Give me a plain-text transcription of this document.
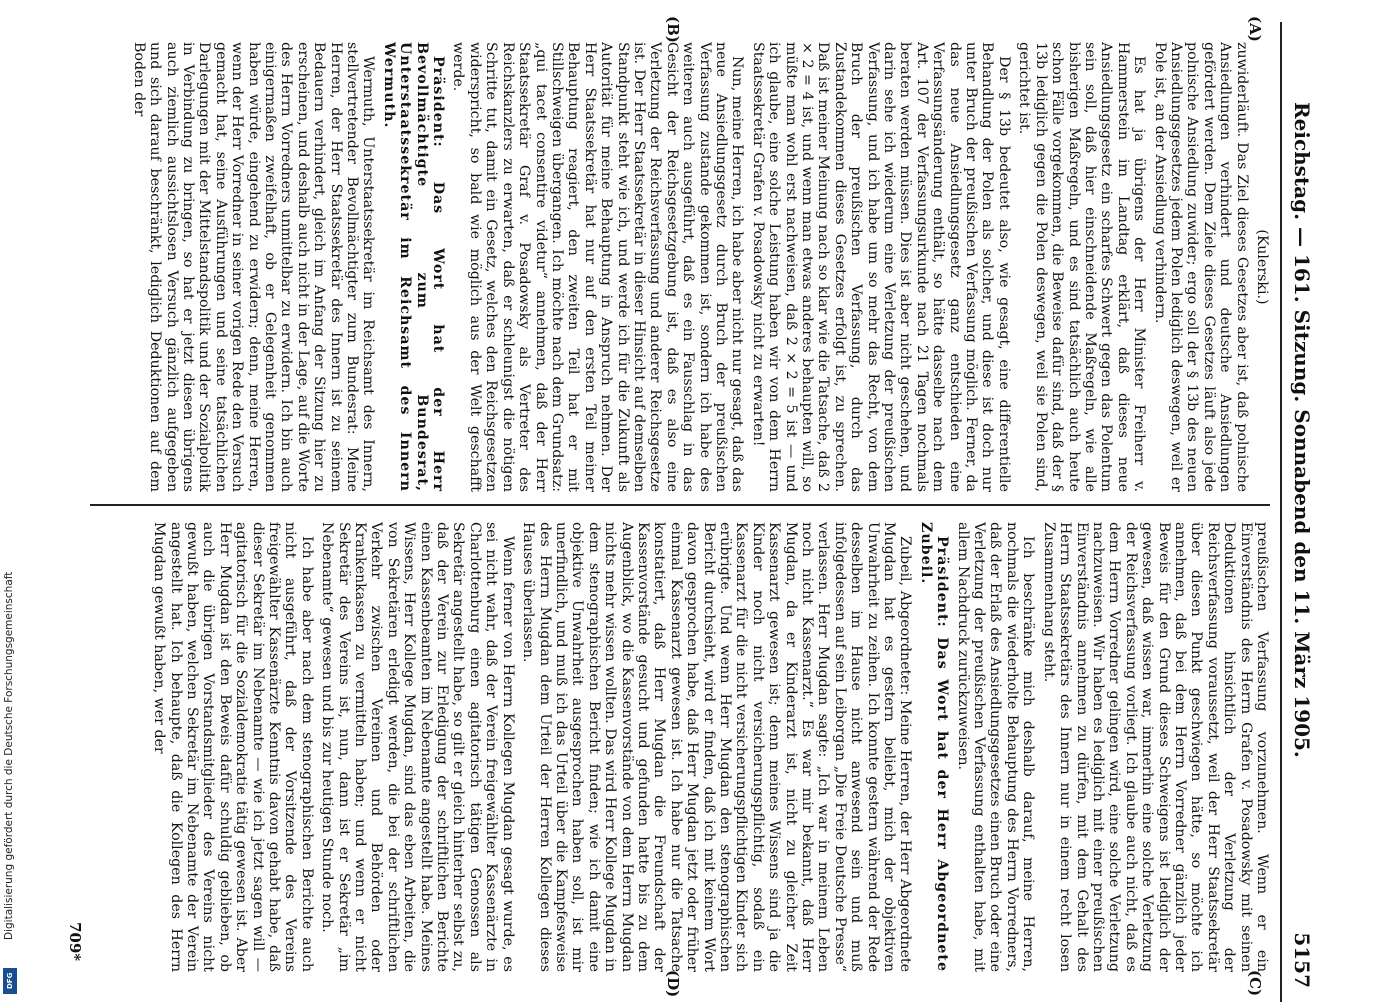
Reichstag. — 161. Sitzung. Sonnabend den 11. März 1905.
5157
(A)
(B)
(C)
(D)

(Kulerski.)

zuwiderläuft. Das Ziel dieses Gesetzes aber ist, daß polnische Ansiedlungen verhindert und deutsche Ansiedlungen gefördert werden. Dem Ziele dieses Gesetzes läuft also jede polnische Ansiedlung zuwider; ergo soll der § 13b des neuen Ansiedlungsgesetzes jedem Polen lediglich deswegen, weil er Pole ist, an der Ansiedlung verhindern.

Es hat ja übrigens der Herr Minister Freiherr v. Hammerstein im Landtag erklärt, daß dieses neue Ansiedlungsgesetz ein scharfes Schwert gegen das Polentum sein soll, daß hier einschneidende Maßregeln, wie alle bisherigen Maßregeln, und es sind tatsächlich auch heute schon Fälle vorgekommen, die Beweise dafür sind, daß der § 13b lediglich gegen die Polen deswegen, weil sie Polen sind, gerichtet ist.

Der § 13b bedeutet also, wie gesagt, eine differentielle Behandlung der Polen als solcher, und diese ist doch nur unter Bruch der preußischen Verfassung möglich. Ferner, da das neue Ansiedlungsgesetz ganz entschieden eine Verfassungsänderung enthält, so hätte dasselbe nach dem Art. 107 der Verfassungsurkunde nach 21 Tagen nochmals beraten werden müssen. Dies ist aber nicht geschehen, und darin sehe ich wiederum eine Verletzung der preußischen Verfassung, und ich habe um so mehr das Recht, von dem Bruch der preußischen Verfassung, durch das Zustandekommen dieses Gesetzes erfolgt ist, zu sprechen. Daß ist meiner Meinung nach so klar wie die Tatsache, daß 2 × 2 = 4 ist, und wenn man etwas anderes behaupten will, so müßte man wohl erst nachweisen, daß 2 × 2 = 5 ist — und ich glaube, eine solche Leistung haben wir von dem Herrn Staatssekretär Grafen v. Posadowsky nicht zu erwarten!

Nun, meine Herren, ich habe aber nicht nur gesagt, daß das neue Ansiedlungsgesetz durch Bruch der preußischen Verfassung zustande gekommen ist, sondern ich habe des weiteren auch ausgeführt, daß es ein Fausschlag in das Gesicht der Reichsgesetzgebung ist, daß es also eine Verletzung der Reichsverfassung und anderer Reichsgesetze ist. Der Herr Staatssekretär in dieser Hinsicht auf demselben Standpunkt steht wie ich, und werde ich für die Zukunft als Autorität für meine Behauptung in Anspruch nehmen. Der Herr Staatssekretär hat nur auf den ersten Teil meiner Behauptung reagiert, den zweiten Teil hat er mit Stillschweigen übergangen. Ich möchte nach dem Grundsatz: „qui tacet consentire videtur“ annehmen, daß der Herr Staatssekretär Graf v. Posadowsky als Vertreter des Reichskanzlers zu erwarten, daß er schleunigst die nötigen Schritte tut, damit ein Gesetz, welches den Reichsgesetzen widerspricht, so bald wie möglich aus der Welt geschafft werde.

Präsident: Das Wort hat der Herr Bevollmächtigte zum Bundesrat, Unterstaatssekretär im Reichsamt des Innern Wermuth.

Wermuth, Unterstaatssekretär im Reichsamt des Innern, stellvertretender Bevollmächtigter zum Bundesrat: Meine Herren, der Herr Staatssekretär des Innern ist zu seinem Bedauern verhindert, gleich im Anfang der Sitzung hier zu erscheinen, und deshalb auch nicht in der Lage, auf die Worte des Herrn Vorredners unmittelbar zu erwidern. Ich bin auch einigermaßen zweifelhaft, ob er Gelegenheit genommen haben würde, eingehend zu erwidern; denn, meine Herren, wenn der Herr Vorredner in seiner vorigen Rede den Versuch gemacht hat, seine Ausführungen und seine tatsächlichen Darlegungen mit der Mittelstandspolitik und der Sozialpolitik in Verbindung zu bringen, so hat er jetzt diesen übrigens auch ziemlich aussichtslosen Versuch gänzlich aufgegeben und sich darauf beschränkt, lediglich Deduktionen auf dem Boden der

preußischen Verfassung vorzunehmen. Wenn er ein Einverständnis des Herrn Grafen v. Posadowsky mit seinen Deduktionen hinsichtlich der Verletzung der Reichsverfassung voraussetzt, weil der Herr Staatssekretär über diesen Punkt geschwiegen hätte, so möchte ich annehmen, daß bei dem Herrn Vorredner gänzlich jeder Beweis für den Grund dieses Schweigens ist lediglich der gewesen, daß wissen war, immerhin eine solche Verletzung der Reichsverfassung vorliegt. Ich glaube auch nicht, daß es dem Herrn Vorredner gelingen wird, eine solche Verletzung nachzuweisen. Wir haben es lediglich mit einer preußischen Einverständnis annehmen zu dürfen, mit dem Gehalt des Herrn Staatssekretärs des Innern nur in einem recht losen Zusammenhang steht.

Ich beschränke mich deshalb darauf, meine Herren, nochmals die wiederholte Behauptung des Herrn Vorredners, daß der Erlaß des Ansiedlungsgesetzes einen Bruch oder eine Verletzung der preußischen Verfassung enthalten habe, mit allem Nachdruck zurückzuweisen.

Präsident: Das Wort hat der Herr Abgeordnete Zubeil.

Zubeil, Abgeordneter: Meine Herren, der Herr Abgeordnete Mugdan hat es gestern beliebt, mich der objektiven Unwahrheit zu zeihen. Ich konnte gestern während der Rede desselben im Hause nicht anwesend sein und muß infolgedessen auf sein Leiborgan „Die Freie Deutsche Presse“ verlassen. Herr Mugdan sagte: „Ich war in meinem Leben noch nicht Kassenarzt.“ Es war mir bekannt, daß Herr Mugdan, da er Kinderarzt ist, nicht zu gleicher Zeit Kassenarzt gewesen ist; denn meines Wissens sind ja die Kinder noch nicht versicherungspflichtig, sodaß ein Kassenarzt für die nicht versicherungspflichtigen Kinder sich erübrigte. Und wenn Herr Mugdan den stenographischen Bericht durchsieht, wird er finden, daß ich mit keinem Wort davon gesprochen habe, daß Herr Mugdan jetzt oder früher einmal Kassenarzt gewesen ist. Ich habe nur die Tatsache konstatiert, daß Herr Mugdan die Freundschaft der Kassenvorstände gesucht und gefunden hatte bis zu dem Augenblick, wo die Kassenvorstände von dem Herrn Mugdan nichts mehr wissen wollten. Das wird Herr Kollege Mugdan in dem stenographischen Bericht finden; wie ich damit eine objektive Unwahrheit ausgesprochen haben soll, ist mir unerfindlich, und muß ich das Urteil über die Kampfesweise des Herrn Mugdan dem Urteil der Herren Kollegen dieses Hauses überlassen.

Wenn ferner von Herrn Kollegen Mugdan gesagt wurde, es sei nicht wahr, daß der Verein freigewählter Kassenärzte in Charlottenburg einen agitatorisch tätigen Genossen als Sekretär angestellt habe, so gilt er gleich hinterher selbst zu, daß der Verein zur Erledigung der schriftlichen Berichte einen Kassenbeamten im Nebenamte angestellt habe. Meines Wissens, Herr Kollege Mugdan, sind das eben Arbeiten, die von Sekretären erledigt werden, die bei der schriftlichen Verkehr zwischen Vereinen und Behörden oder Krankenkassen zu vermitteln haben; und wenn er nicht Sekretär des Vereins ist, nun, dann ist er Sekretär „im Nebenamte“ gewesen und bis zur heutigen Stunde noch.

Ich habe aber nach dem stenographischen Berichte auch nicht ausgeführt, daß der Vorsitzende des Vereins freigewählter Kassenärzte Kenntnis davon gehabt habe, daß dieser Sekretär im Nebenamte — wie ich jetzt sagen will — agitatorisch für die Sozialdemokratie tätig gewesen ist. Aber Herr Mugdan ist den Beweis dafür schuldig geblieben, ob auch die übrigen Vorstandsmitglieder des Vereins nicht gewußt haben, welchen Sekretär im Nebenamte der Verein angestellt hat. Ich behaupte, daß die Kollegen des Herrn Mugdan gewußt haben, wer der

709*
Digitalisierung gefördert durch die Deutsche Forschungsgemeinschaft
DFG
